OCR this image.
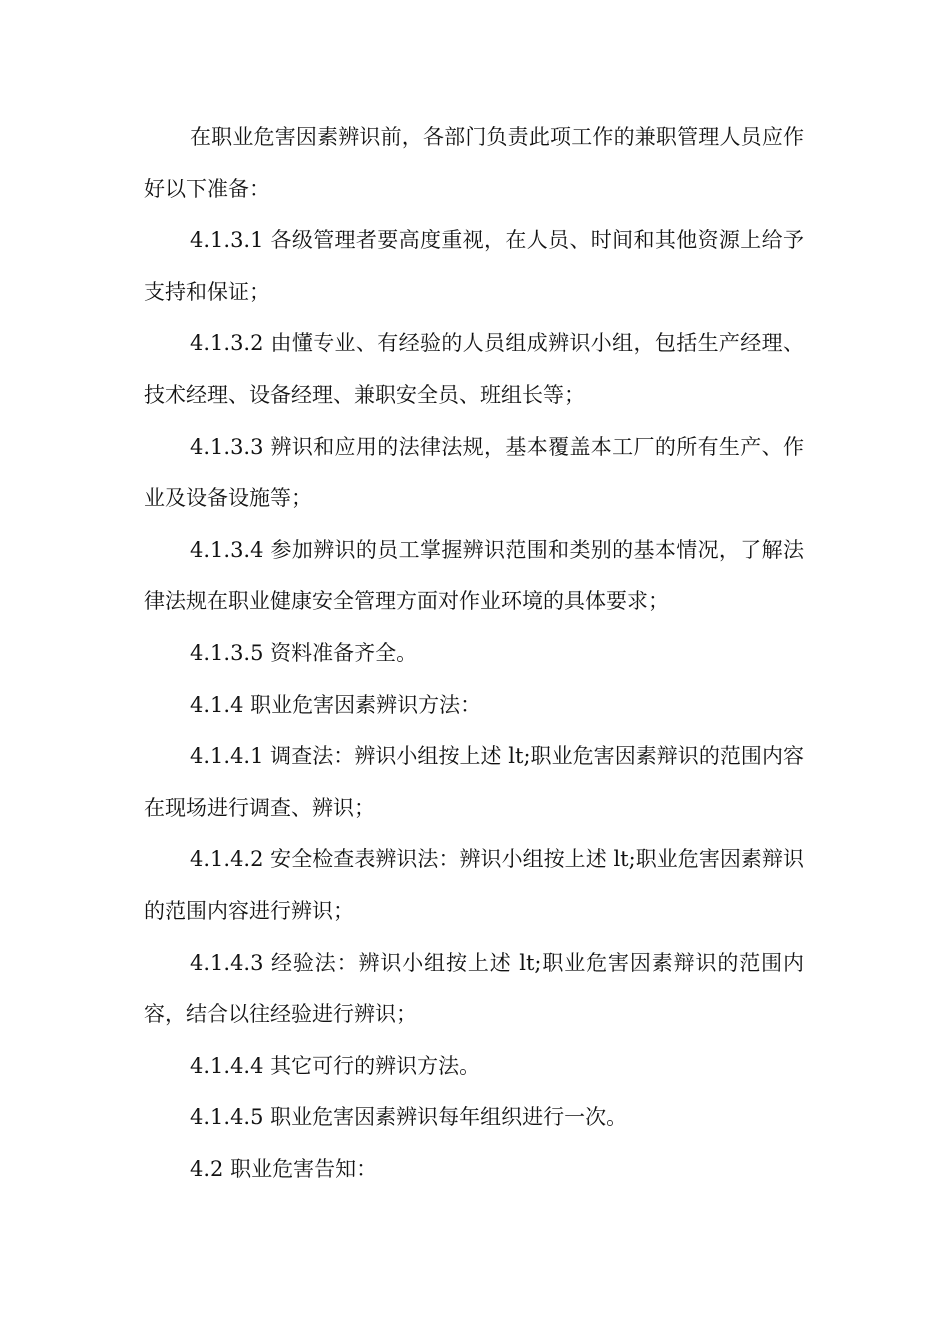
在职业危害因素辨识前，各部门负责此项工作的兼职管理人员应作好以下准备：

4.1.3.1 各级管理者要高度重视，在人员、时间和其他资源上给予支持和保证；

4.1.3.2 由懂专业、有经验的人员组成辨识小组，包括生产经理、技术经理、设备经理、兼职安全员、班组长等；

4.1.3.3 辨识和应用的法律法规，基本覆盖本工厂的所有生产、作业及设备设施等；

4.1.3.4 参加辨识的员工掌握辨识范围和类别的基本情况，了解法律法规在职业健康安全管理方面对作业环境的具体要求；

4.1.3.5 资料准备齐全。

4.1.4 职业危害因素辨识方法：

4.1.4.1 调查法：辨识小组按上述 lt;职业危害因素辩识的范围内容在现场进行调查、辨识；

4.1.4.2 安全检查表辨识法：辨识小组按上述 lt;职业危害因素辩识的范围内容进行辨识；

4.1.4.3 经验法：辨识小组按上述 lt;职业危害因素辩识的范围内容，结合以往经验进行辨识；

4.1.4.4 其它可行的辨识方法。

4.1.4.5 职业危害因素辨识每年组织进行一次。

4.2 职业危害告知：
